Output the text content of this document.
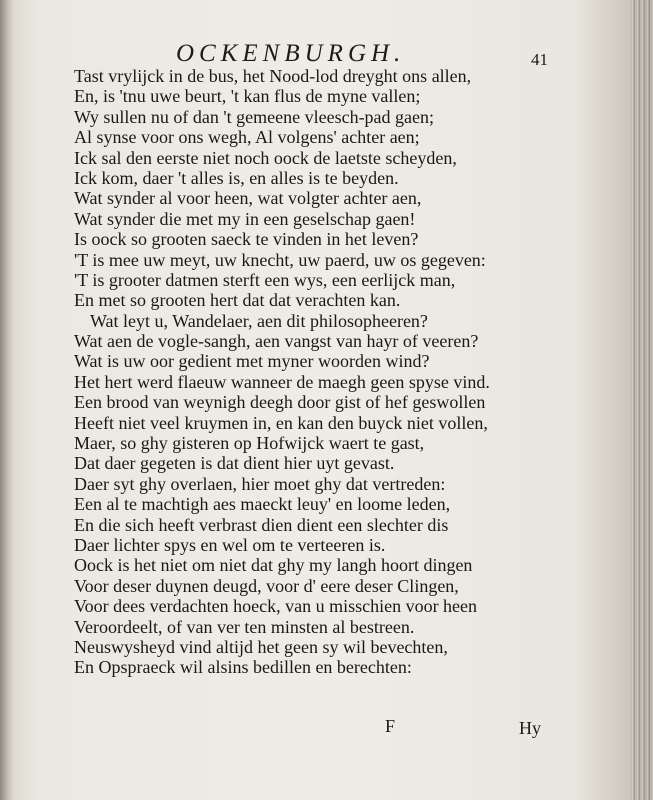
OCKENBURGH.	41
Tast vrylijck in de bus, het Nood-lod dreyght ons allen,
En, is 'tnu uwe beurt, 't kan flus de myne vallen;
Wy sullen nu of dan 't gemeene vleesch-pad gaen;
Al synse voor ons wegh, Al volgens' achter aen;
Ick sal den eerste niet noch oock de laetste scheyden,
Ick kom, daer 't alles is, en alles is te beyden.
Wat synder al voor heen, wat volgter achter aen,
Wat synder die met my in een geselschap gaen!
Is oock so grooten saeck te vinden in het leven?
'T is mee uw meyt, uw knecht, uw paerd, uw os gegeven:
'T is grooter datmen sterft een wys, een eerlijck man,
En met so grooten hert dat dat verachten kan.
Wat leyt u, Wandelaer, aen dit philosopheeren?
Wat aen de vogle-sangh, aen vangst van hayr of veeren?
Wat is uw oor gedient met myner woorden wind?
Het hert werd flaeuw wanneer de maegh geen spyse vind.
Een brood van weynigh deegh door gist of hef geswollen
Heeft niet veel kruymen in, en kan den buyck niet vollen,
Maer, so ghy gisteren op Hofwijck waert te gast,
Dat daer gegeten is dat dient hier uyt gevast.
Daer syt ghy overlaen, hier moet ghy dat vertreden:
Een al te machtigh aes maeckt leuy' en loome leden,
En die sich heeft verbrast dien dient een slechter dis
Daer lichter spys en wel om te verteeren is.
Oock is het niet om niet dat ghy my langh hoort dingen
Voor deser duynen deugd, voor d' eere deser Clingen,
Voor dees verdachten hoeck, van u misschien voor heen
Veroordeelt, of van ver ten minsten al bestreen.
Neuswysheyd vind altijd het geen sy wil bevechten,
En Opspraeck wil alsins bedillen en berechten:
F	Hy
